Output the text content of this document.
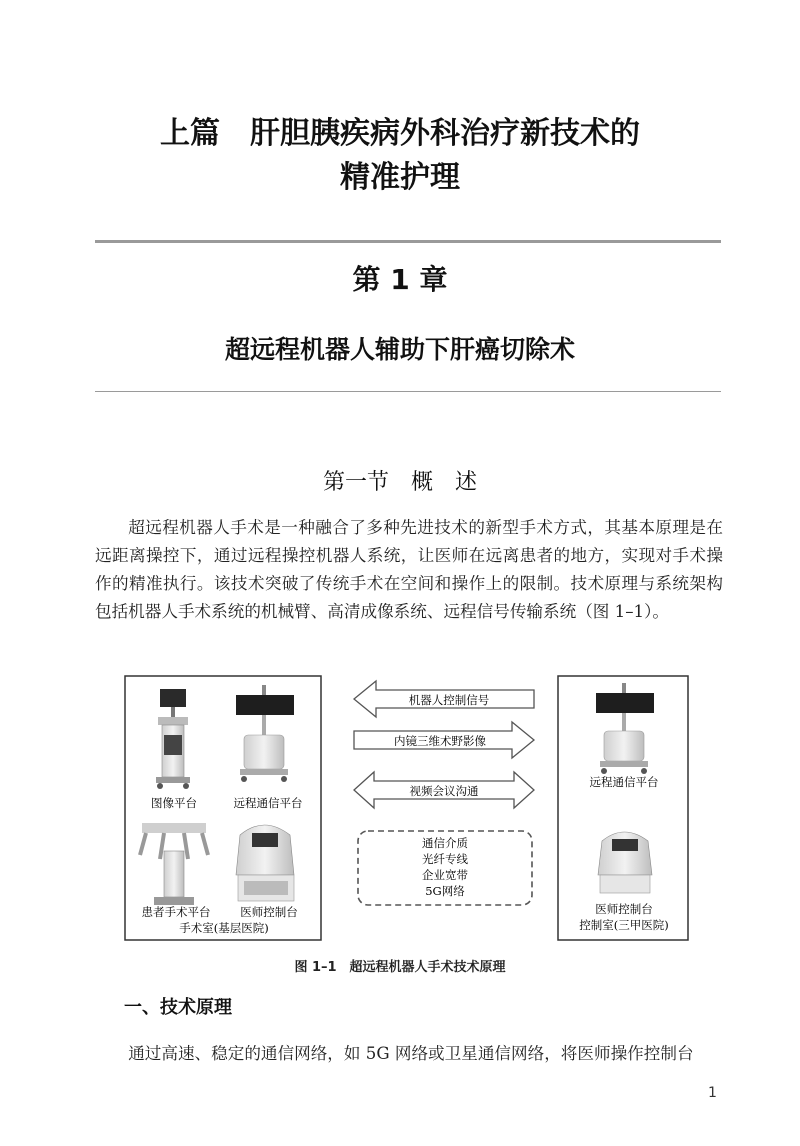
上篇　肝胆胰疾病外科治疗新技术的
精准护理
第 1 章
超远程机器人辅助下肝癌切除术
第一节　概　述
超远程机器人手术是一种融合了多种先进技术的新型手术方式，其基本原理是在远距离操控下，通过远程操控机器人系统，让医师在远离患者的地方，实现对手术操作的精准执行。该技术突破了传统手术在空间和操作上的限制。技术原理与系统架构包括机器人手术系统的机械臂、高清成像系统、远程信号传输系统（图 1–1）。
图像平台	远程通信平台
患者手术平台	医师控制台
手术室(基层医院)
机器人控制信号
内镜三维术野影像
视频会议沟通
通信介质
光纤专线
企业宽带
5G网络
远程通信平台
医师控制台
控制室(三甲医院)
图 1–1　超远程机器人手术技术原理
一、技术原理
通过高速、稳定的通信网络，如 5G 网络或卫星通信网络，将医师操作控制台
1
